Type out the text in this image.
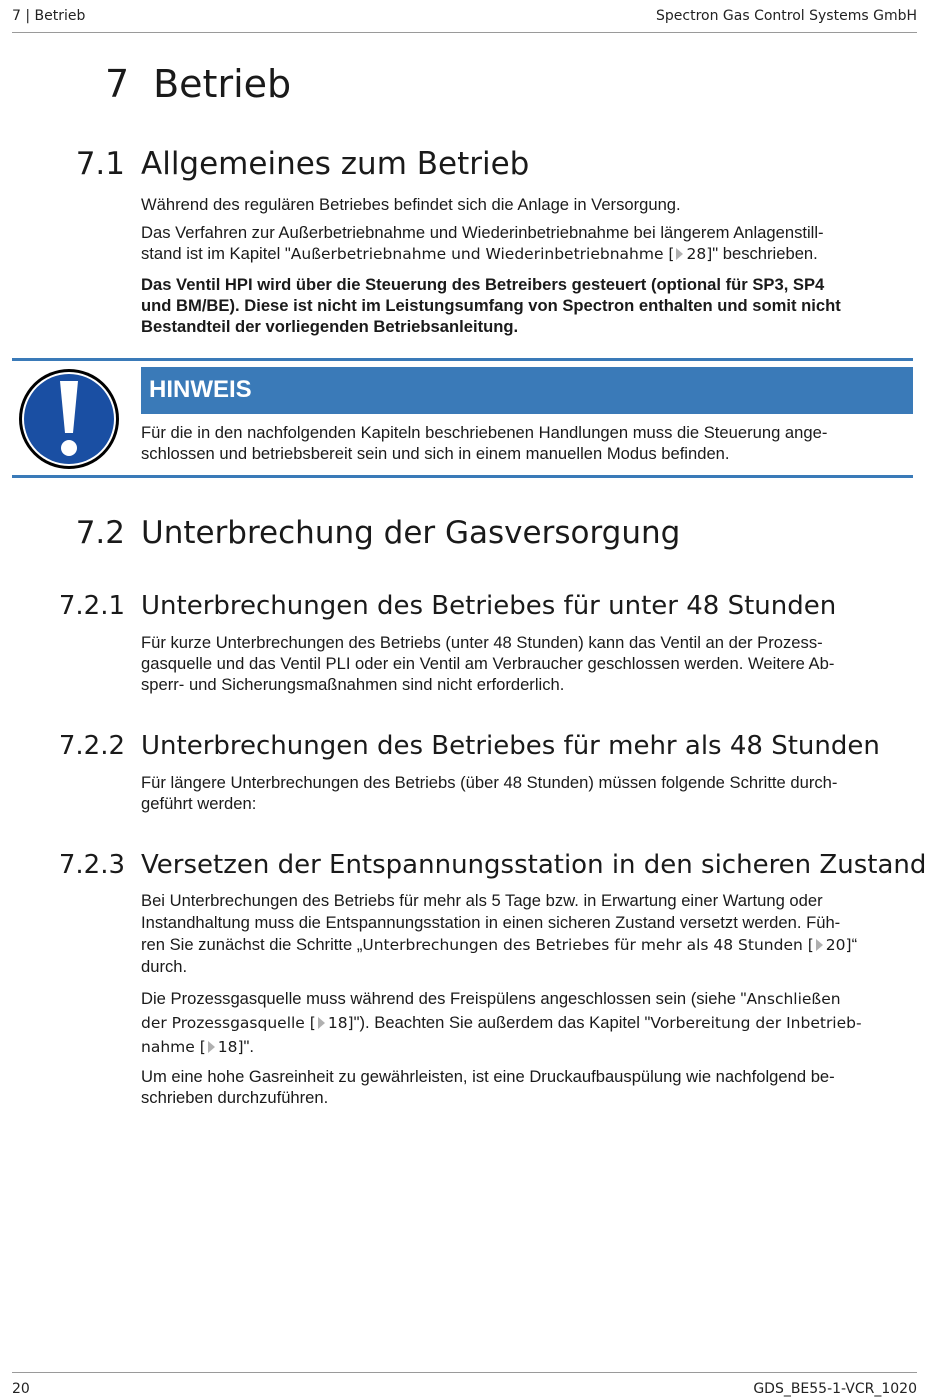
7 | Betrieb	Spectron Gas Control Systems GmbH
7 Betrieb
7.1 Allgemeines zum Betrieb
Während des regulären Betriebes befindet sich die Anlage in Versorgung.
Das Verfahren zur Außerbetriebnahme und Wiederinbetriebnahme bei längerem Anlagenstill-
stand ist im Kapitel "Außerbetriebnahme und Wiederinbetriebnahme [ 28]" beschrieben.
Das Ventil HPI wird über die Steuerung des Betreibers gesteuert (optional für SP3, SP4
und BM/BE). Diese ist nicht im Leistungsumfang von Spectron enthalten und somit nicht
Bestandteil der vorliegenden Betriebsanleitung.
HINWEIS
Für die in den nachfolgenden Kapiteln beschriebenen Handlungen muss die Steuerung ange-
schlossen und betriebsbereit sein und sich in einem manuellen Modus befinden.
7.2 Unterbrechung der Gasversorgung
7.2.1 Unterbrechungen des Betriebes für unter 48 Stunden
Für kurze Unterbrechungen des Betriebs (unter 48 Stunden) kann das Ventil an der Prozess-
gasquelle und das Ventil PLI oder ein Ventil am Verbraucher geschlossen werden. Weitere Ab-
sperr- und Sicherungsmaßnahmen sind nicht erforderlich.
7.2.2 Unterbrechungen des Betriebes für mehr als 48 Stunden
Für längere Unterbrechungen des Betriebs (über 48 Stunden) müssen folgende Schritte durch-
geführt werden:
7.2.3 Versetzen der Entspannungsstation in den sicheren Zustand
Bei Unterbrechungen des Betriebs für mehr als 5 Tage bzw. in Erwartung einer Wartung oder
Instandhaltung muss die Entspannungsstation in einen sicheren Zustand versetzt werden. Füh-
ren Sie zunächst die Schritte „Unterbrechungen des Betriebes für mehr als 48 Stunden [ 20]“
durch.
Die Prozessgasquelle muss während des Freispülens angeschlossen sein (siehe "Anschließen
der Prozessgasquelle [ 18]"). Beachten Sie außerdem das Kapitel "Vorbereitung der Inbetrieb-
nahme [ 18]".
Um eine hohe Gasreinheit zu gewährleisten, ist eine Druckaufbauspülung wie nachfolgend be-
schrieben durchzuführen.
20	GDS_BE55-1-VCR_1020
